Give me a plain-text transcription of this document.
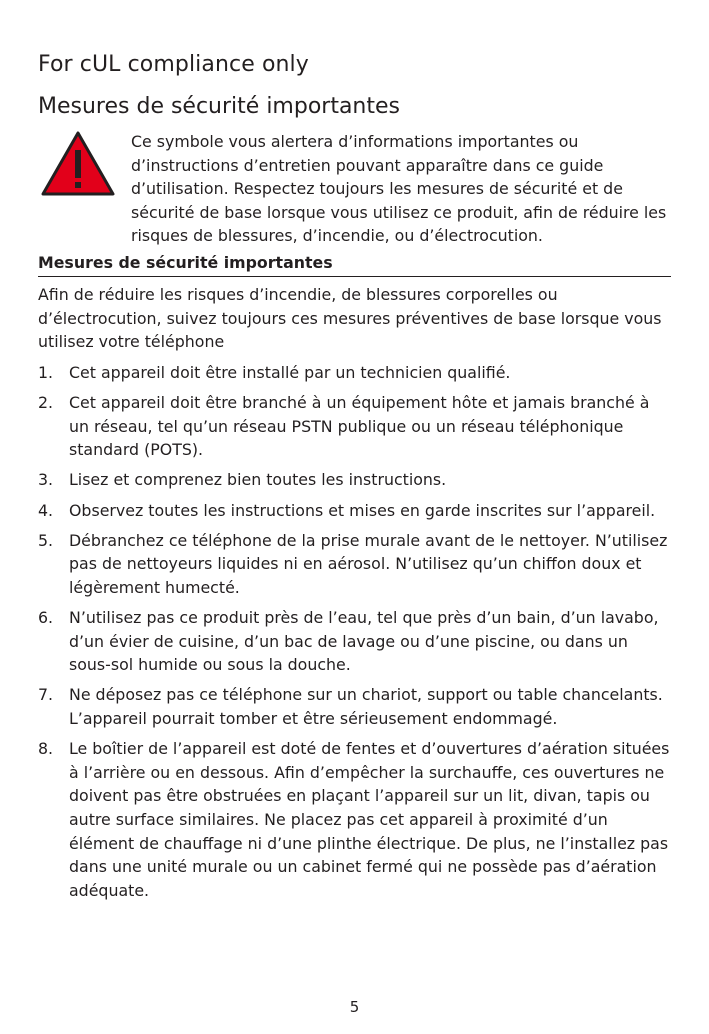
For cUL compliance only
Mesures de sécurité importantes
Ce symbole vous alertera d’informations importantes ou d’instructions d’entretien pouvant apparaître dans ce guide d’utilisation. Respectez toujours les mesures de sécurité et de sécurité de base lorsque vous utilisez ce produit, afin de réduire les risques de blessures, d’incendie, ou d’électrocution.
Mesures de sécurité importantes
Afin de réduire les risques d’incendie, de blessures corporelles ou d’électrocution, suivez toujours ces mesures préventives de base lorsque vous utilisez votre téléphone
1. Cet appareil doit être installé par un technicien qualifié.
2. Cet appareil doit être branché à un équipement hôte et jamais branché à un réseau, tel qu’un réseau PSTN publique ou un réseau téléphonique standard (POTS).
3. Lisez et comprenez bien toutes les instructions.
4. Observez toutes les instructions et mises en garde inscrites sur l’appareil.
5. Débranchez ce téléphone de la prise murale avant de le nettoyer. N’utilisez pas de nettoyeurs liquides ni en aérosol. N’utilisez qu’un chiffon doux et légèrement humecté.
6. N’utilisez pas ce produit près de l’eau, tel que près d’un bain, d’un lavabo, d’un évier de cuisine, d’un bac de lavage ou d’une piscine, ou dans un sous-sol humide ou sous la douche.
7. Ne déposez pas ce téléphone sur un chariot, support ou table chancelants. L’appareil pourrait tomber et être sérieusement endommagé.
8. Le boîtier de l’appareil est doté de fentes et d’ouvertures d’aération situées à l’arrière ou en dessous. Afin d’empêcher la surchauffe, ces ouvertures ne doivent pas être obstruées en plaçant l’appareil sur un lit, divan, tapis ou autre surface similaires. Ne placez pas cet appareil à proximité d’un élément de chauffage ni d’une plinthe électrique. De plus, ne l’installez pas dans une unité murale ou un cabinet fermé qui ne possède pas d’aération adéquate.
5
